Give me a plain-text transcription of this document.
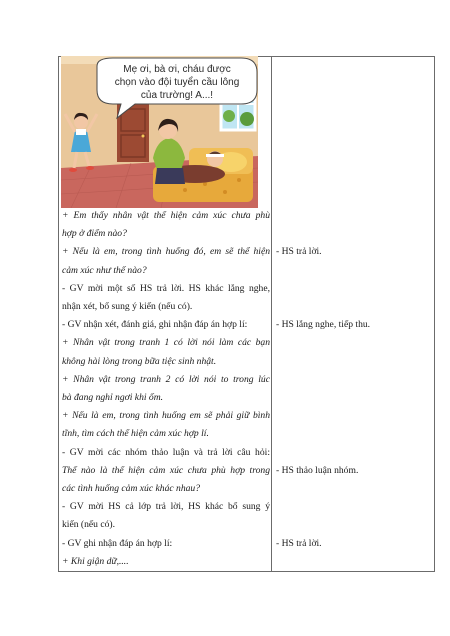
Mẹ ơi, bà ơi, cháu được
chọn vào đội tuyển cầu lông
của trường! A...!
+ Em thấy nhân vật thể hiện cảm xúc chưa phù
hợp ở điểm nào?
+ Nếu là em, trong tình huống đó, em sẽ thể hiện
cảm xúc như thế nào?
- GV mời một số HS trả lời. HS khác lắng nghe,
nhận xét, bổ sung ý kiến (nếu có).
- GV nhận xét, đánh giá, ghi nhận đáp án hợp lí:
+ Nhân vật trong tranh 1 có lời nói làm các bạn
không hài lòng trong bữa tiệc sinh nhật.
+ Nhân vật trong tranh 2 có lời nói to trong lúc
bà đang nghỉ ngơi khi ốm.
+ Nếu là em, trong tình huống em sẽ phải giữ bình
tĩnh, tìm cách thể hiện cảm xúc hợp lí.
- GV mời các nhóm thảo luận và trả lời câu hỏi:
Thế nào là thể hiện cảm xúc chưa phù hợp trong
các tình huống cảm xúc khác nhau?
- GV mời HS cả lớp trả lời, HS khác bổ sung ý
kiến (nếu có).
- GV ghi nhận đáp án hợp lí:
+ Khi giận dữ,....
- HS trả lời.
- HS lắng nghe, tiếp thu.
- HS thảo luận nhóm.
- HS trả lời.
